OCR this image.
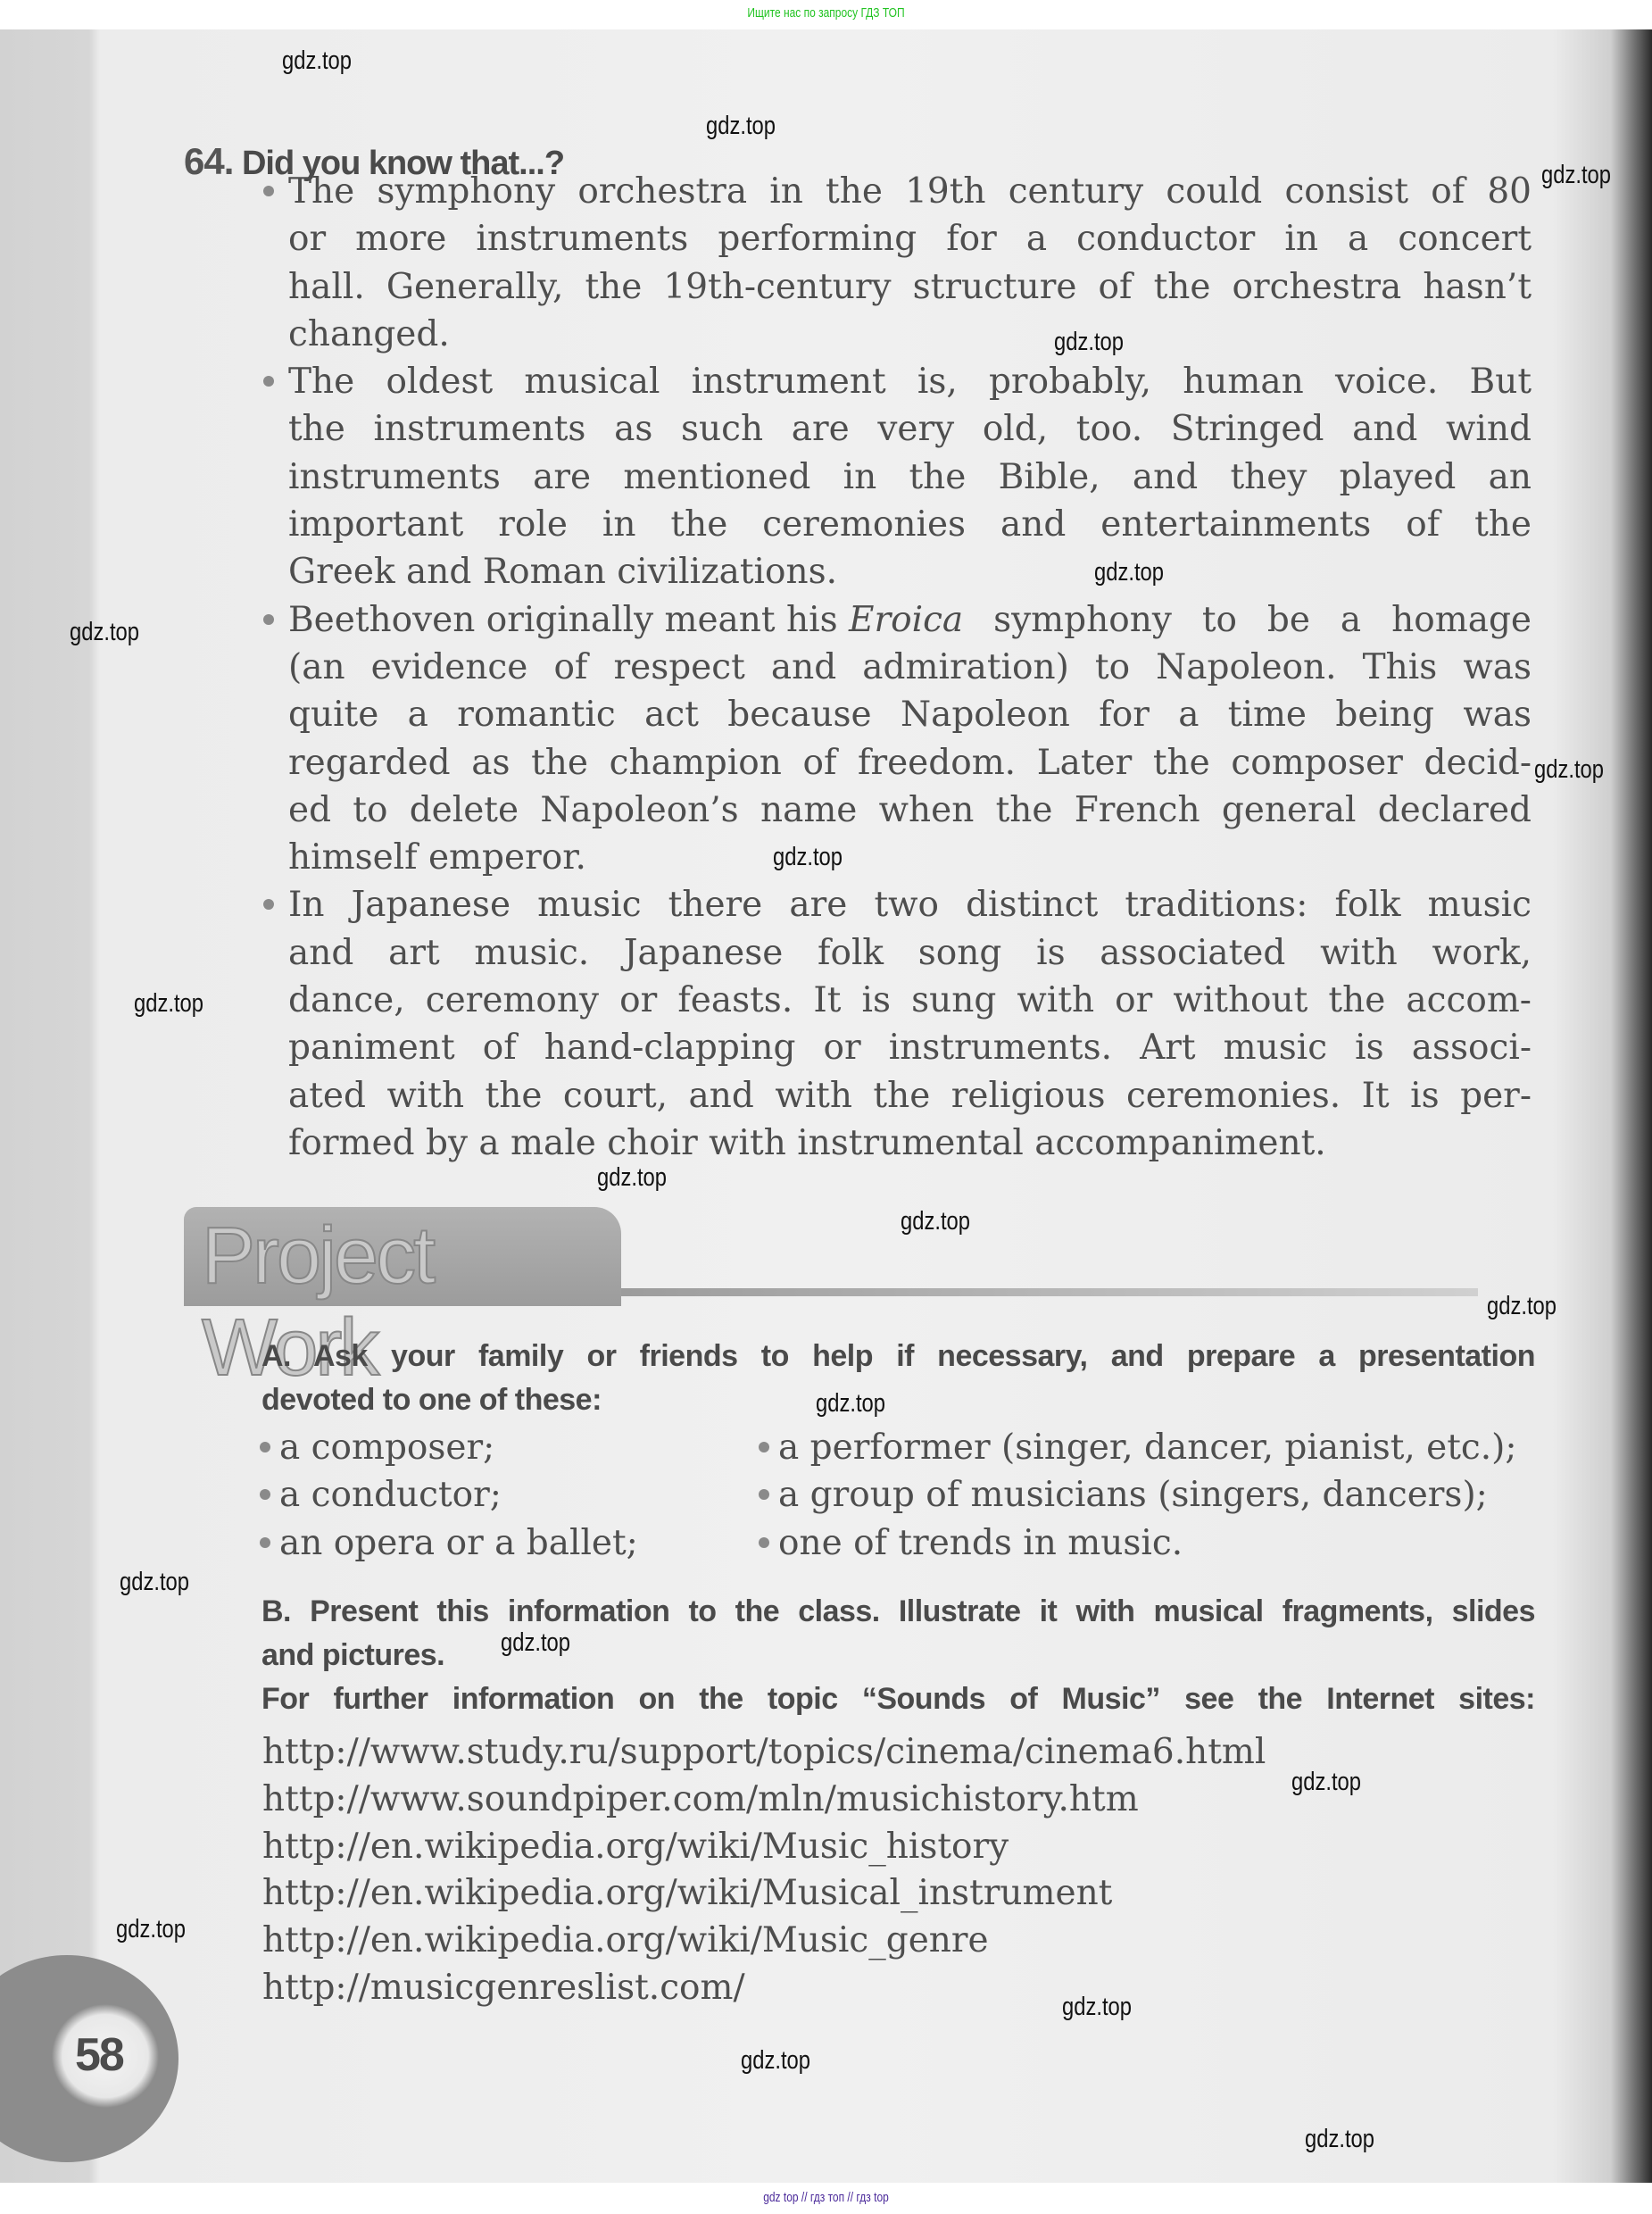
Ищите нас по запросу ГДЗ ТОП
64. Did you know that...?
The symphony orchestra in the 19th century could consist of 80
or more instruments performing for a conductor in a concert
hall. Generally, the 19th-century structure of the orchestra hasn’t
changed.
The oldest musical instrument is, probably, human voice. But
the instruments as such are very old, too. Stringed and wind
instruments are mentioned in the Bible, and they played an
important role in the ceremonies and entertainments of the
Greek and Roman civilizations.
Beethoven originally meant his Eroica symphony to be a homage
(an evidence of respect and admiration) to Napoleon. This was
quite a romantic act because Napoleon for a time being was
regarded as the champion of freedom. Later the composer decid-
ed to delete Napoleon’s name when the French general declared
himself emperor.
In Japanese music there are two distinct traditions: folk music
and art music. Japanese folk song is associated with work,
dance, ceremony or feasts. It is sung with or without the accom-
paniment of hand-clapping or instruments. Art music is associ-
ated with the court, and with the religious ceremonies. It is per-
formed by a male choir with instrumental accompaniment.
Project Work
A. Ask your family or friends to help if necessary, and prepare a presentation
devoted to one of these:
a composer;
a conductor;
an opera or a ballet;
a performer (singer, dancer, pianist, etc.);
a group of musicians (singers, dancers);
one of trends in music.
B. Present this information to the class. Illustrate it with musical fragments, slides
and pictures.
For further information on the topic “Sounds of Music” see the Internet sites:
http://www.study.ru/support/topics/cinema/cinema6.html
http://www.soundpiper.com/mln/musichistory.htm
http://en.wikipedia.org/wiki/Music_history
http://en.wikipedia.org/wiki/Musical_instrument
http://en.wikipedia.org/wiki/Music_genre
http://musicgenreslist.com/
58
gdz.top
gdz.top
gdz.top
gdz.top
gdz.top
gdz.top
gdz.top
gdz.top
gdz.top
gdz.top
gdz.top
gdz.top
gdz.top
gdz.top
gdz.top
gdz.top
gdz.top
gdz.top
gdz.top
gdz.top
gdz top // гдз топ // гдз top
